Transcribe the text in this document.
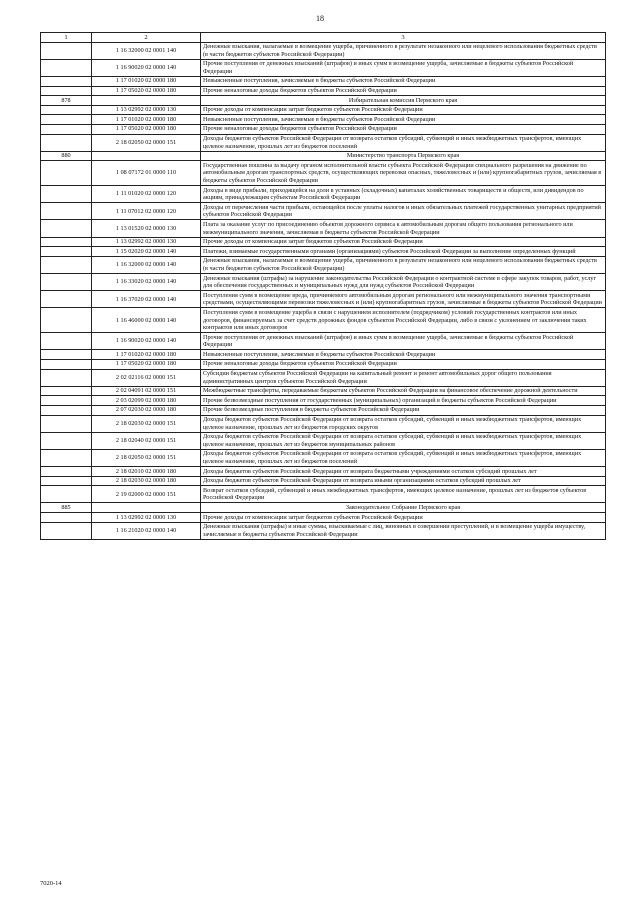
18
1	2	3
	1 16 32000 02 0001 140	Денежные взыскания, налагаемые в возмещение ущерба, причиненного в результате незаконного или нецелевого использования бюджетных средств (в части бюджетов субъектов Российской Федерации)
	1 16 90020 02 0000 140	Прочие поступления от денежных взысканий (штрафов) и иных сумм в возмещение ущерба, зачисляемые в бюджеты субъектов Российской Федерации
	1 17 01020 02 0000 180	Невыясненные поступления, зачисляемые в бюджеты субъектов Российской Федерации
	1 17 05020 02 0000 180	Прочие неналоговые доходы бюджетов субъектов Российской Федерации
878		Избирательная комиссия Пермского края
	1 13 02992 02 0000 130	Прочие доходы от компенсации затрат бюджетов субъектов Российской Федерации
	1 17 01020 02 0000 180	Невыясненные поступления, зачисляемые в бюджеты субъектов Российской Федерации
	1 17 05020 02 0000 180	Прочие неналоговые доходы бюджетов субъектов Российской Федерации
	2 18 02050 02 0000 151	Доходы бюджетов субъектов Российской Федерации от возврата остатков субсидий, субвенций и иных межбюджетных трансфертов, имеющих целевое назначение, прошлых лет из бюджетов поселений
880		Министерство транспорта Пермского края
	1 08 07172 01 0000 110	Государственная пошлина за выдачу органом исполнительной власти субъекта Российской Федерации специального разрешения на движение по автомобильным дорогам транспортных средств, осуществляющих перевозки опасных, тяжеловесных и (или) крупногабаритных грузов, зачисляемая в бюджеты субъектов Российской Федерации
	1 11 01020 02 0000 120	Доходы в виде прибыли, приходящейся на доли в уставных (складочных) капиталах хозяйственных товариществ и обществ, или дивидендов по акциям, принадлежащим субъектам Российской Федерации
	1 11 07012 02 0000 120	Доходы от перечисления части прибыли, остающейся после уплаты налогов и иных обязательных платежей государственных унитарных предприятий субъектов Российской Федерации
	1 13 01520 02 0000 130	Плата за оказание услуг по присоединению объектов дорожного сервиса к автомобильным дорогам общего пользования регионального или межмуниципального значения, зачисляемая в бюджеты субъектов Российской Федерации
	1 13 02992 02 0000 130	Прочие доходы от компенсации затрат бюджетов субъектов Российской Федерации
	1 15 02020 02 0000 140	Платежи, взимаемые государственными органами (организациями) субъектов Российской Федерации за выполнение определенных функций
	1 16 32000 02 0000 140	Денежные взыскания, налагаемые в возмещение ущерба, причиненного в результате незаконного или нецелевого использования бюджетных средств (в части бюджетов субъектов Российской Федерации)
	1 16 33020 02 0000 140	Денежные взыскания (штрафы) за нарушение законодательства Российской Федерации о контрактной системе в сфере закупок товаров, работ, услуг для обеспечения государственных и муниципальных нужд для нужд субъектов Российской Федерации
	1 16 37020 02 0000 140	Поступления сумм в возмещение вреда, причиняемого автомобильным дорогам регионального или межмуниципального значения транспортными средствами, осуществляющими перевозки тяжеловесных и (или) крупногабаритных грузов, зачисляемые в бюджеты субъектов Российской Федерации
	1 16 46000 02 0000 140	Поступления сумм в возмещение ущерба в связи с нарушением исполнителем (подрядчиком) условий государственных контрактов или иных договоров, финансируемых за счет средств дорожных фондов субъектов Российской Федерации, либо в связи с уклонением от заключения таких контрактов или иных договоров
	1 16 90020 02 0000 140	Прочие поступления от денежных взысканий (штрафов) и иных сумм в возмещение ущерба, зачисляемые в бюджеты субъектов Российской Федерации
	1 17 01020 02 0000 180	Невыясненные поступления, зачисляемые в бюджеты субъектов Российской Федерации
	1 17 05020 02 0000 180	Прочие неналоговые доходы бюджетов субъектов Российской Федерации
	2 02 02116 02 0000 151	Субсидии бюджетам субъектов Российской Федерации на капитальный ремонт и ремонт автомобильных дорог общего пользования административных центров субъектов Российской Федерации
	2 02 04091 02 0000 151	Межбюджетные трансферты, передаваемые бюджетам субъектов Российской Федерации на финансовое обеспечение дорожной деятельности
	2 03 02099 02 0000 180	Прочие безвозмездные поступления от государственных (муниципальных) организаций в бюджеты субъектов Российской Федерации
	2 07 02030 02 0000 180	Прочие безвозмездные поступления в бюджеты субъектов Российской Федерации
	2 18 02030 02 0000 151	Доходы бюджетов субъектов Российской Федерации от возврата остатков субсидий, субвенций и иных межбюджетных трансфертов, имеющих целевое назначение, прошлых лет из бюджетов городских округов
	2 18 02040 02 0000 151	Доходы бюджетов субъектов Российской Федерации от возврата остатков субсидий, субвенций и иных межбюджетных трансфертов, имеющих целевое назначение, прошлых лет из бюджетов муниципальных районов
	2 18 02050 02 0000 151	Доходы бюджетов субъектов Российской Федерации от возврата остатков субсидий, субвенций и иных межбюджетных трансфертов, имеющих целевое назначение, прошлых лет из бюджетов поселений
	2 18 02010 02 0000 180	Доходы бюджетов субъектов Российской Федерации от возврата бюджетными учреждениями остатков субсидий прошлых лет
	2 18 02030 02 0000 180	Доходы бюджетов субъектов Российской Федерации от возврата иными организациями остатков субсидий прошлых лет
	2 19 02000 02 0000 151	Возврат остатков субсидий, субвенций и иных межбюджетных трансфертов, имеющих целевое назначение, прошлых лет из бюджетов субъектов Российской Федерации
885		Законодательное Собрание Пермского края
	1 13 02992 02 0000 130	Прочие доходы от компенсации затрат бюджетов субъектов Российской Федерации
	1 16 21020 02 0000 140	Денежные взыскания (штрафы) и иные суммы, взыскиваемые с лиц, виновных в совершении преступлений, и в возмещение ущерба имуществу, зачисляемые в бюджеты субъектов Российской Федерации
7020-14
